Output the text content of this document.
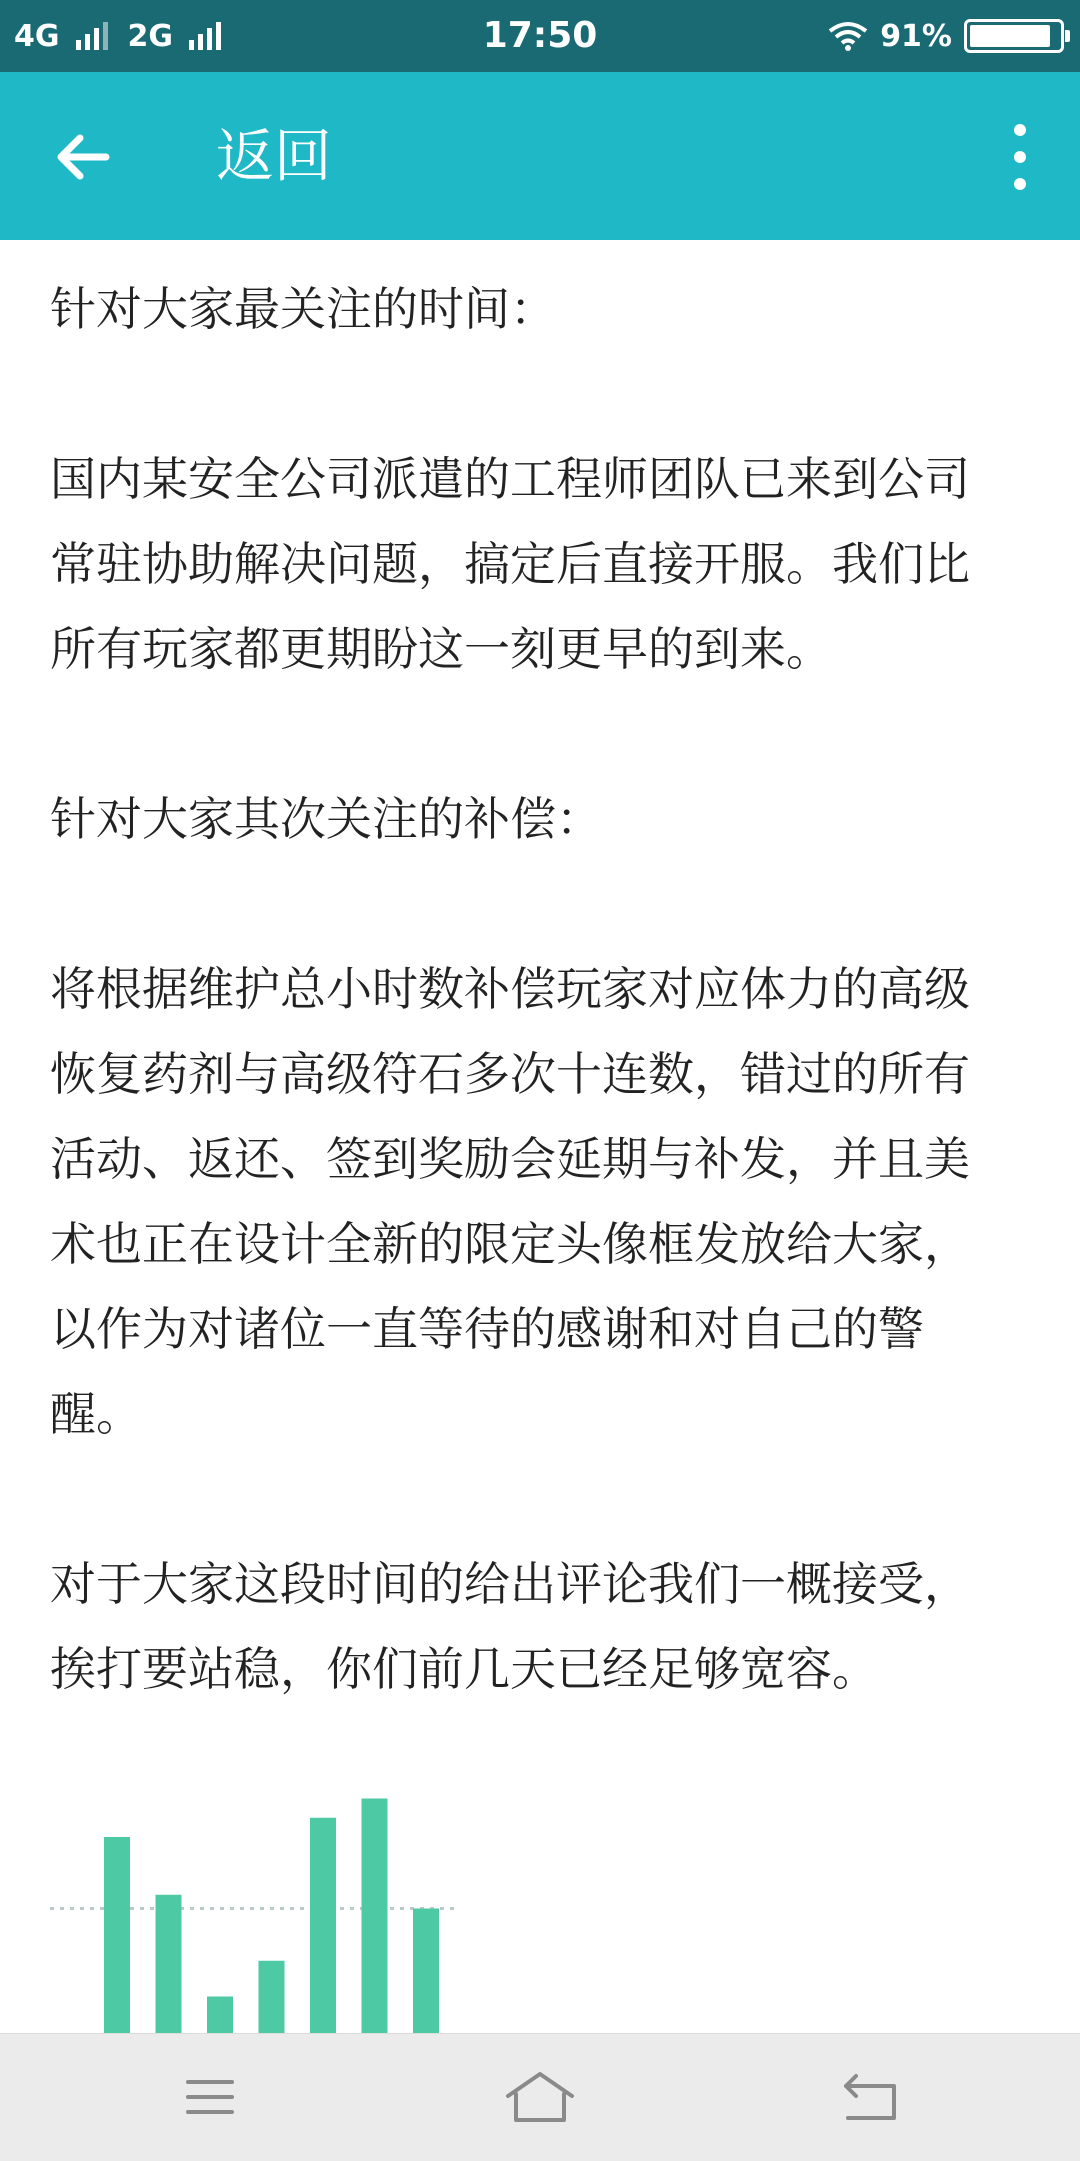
4G 2G	17:50	91%
返回
针对大家最关注的时间：
国内某安全公司派遣的工程师团队已来到公司
常驻协助解决问题，搞定后直接开服。我们比
所有玩家都更期盼这一刻更早的到来。
针对大家其次关注的补偿：
将根据维护总小时数补偿玩家对应体力的高级
恢复药剂与高级符石多次十连数，错过的所有
活动、返还、签到奖励会延期与补发，并且美
术也正在设计全新的限定头像框发放给大家，
以作为对诸位一直等待的感谢和对自己的警
醒。
对于大家这段时间的给出评论我们一概接受，
挨打要站稳，你们前几天已经足够宽容。
